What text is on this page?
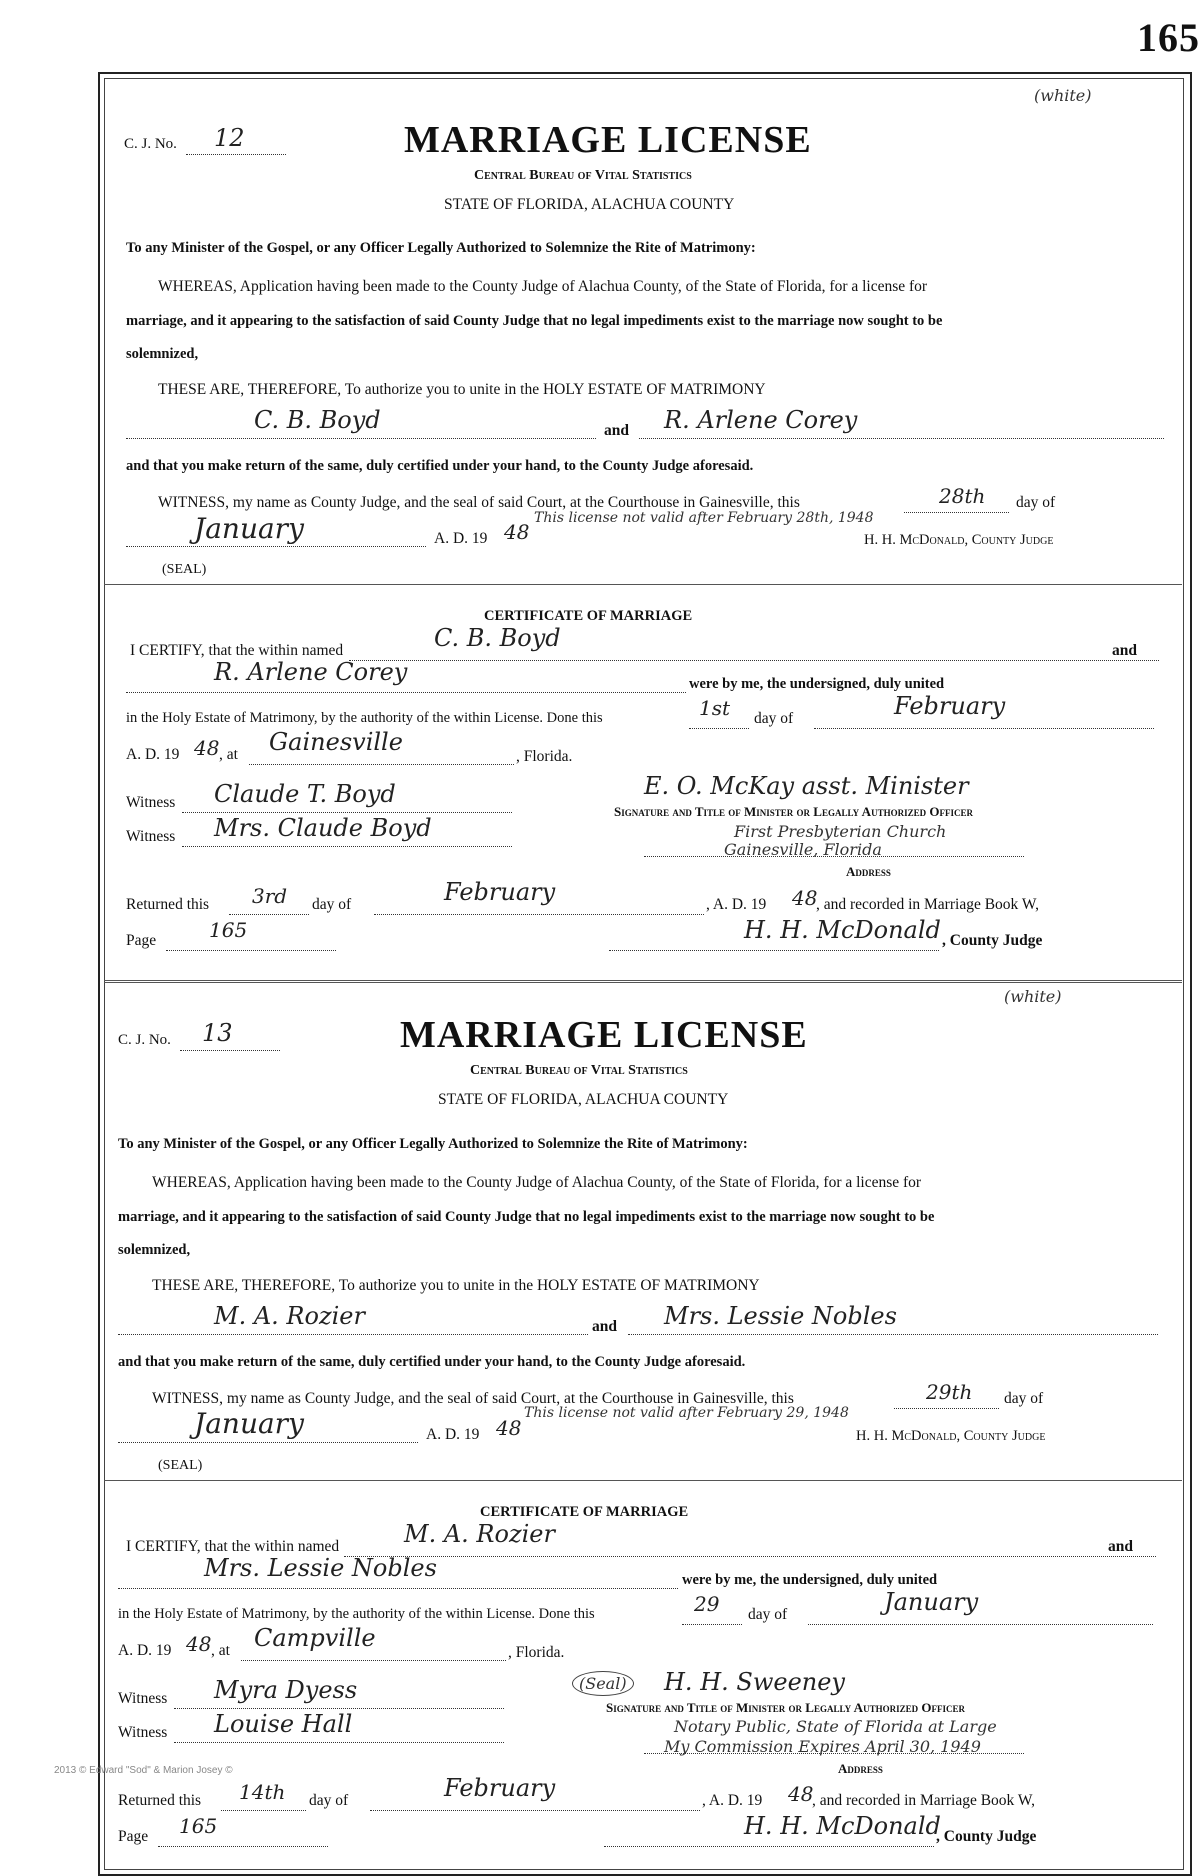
165
(white)
C. J. No. 12	MARRIAGE LICENSE
Central Bureau of Vital Statistics
STATE OF FLORIDA, ALACHUA COUNTY
To any Minister of the Gospel, or any Officer Legally Authorized to Solemnize the Rite of Matrimony:
WHEREAS, Application having been made to the County Judge of Alachua County, of the State of Florida, for a license for
marriage, and it appearing to the satisfaction of said County Judge that no legal impediments exist to the marriage now sought to be
solemnized,
THESE ARE, THEREFORE, To authorize you to unite in the HOLY ESTATE OF MATRIMONY
C. B. Boyd	and R. Arlene Corey
and that you make return of the same, duly certified under your hand, to the County Judge aforesaid.
WITNESS, my name as County Judge, and the seal of said Court, at the Courthouse in Gainesville, this	28th day of
This license not valid after February 28th, 1948
January	A. D. 19 48	H. H. McDonald, County Judge
(SEAL)
CERTIFICATE OF MARRIAGE
I CERTIFY, that the within named	C. B. Boyd	and
R. Arlene Corey	were by me, the undersigned, duly united
in the Holy Estate of Matrimony, by the authority of the within License. Done this	1st day of	February
A. D. 19 48 , at Gainesville
, Florida.
Witness Claude T. Boyd	E. O. McKay asst. Minister
Signature and Title of Minister or Legally Authorized Officer
Witness Mrs. Claude Boyd	First Presbyterian Church
Gainesville, Florida
Address
Returned this 3rd day of	February	, A. D. 19 48
, and recorded in Marriage Book W,
Page	165	H. H. McDonald , County Judge
(white)
C. J. No. 13	MARRIAGE LICENSE
Central Bureau of Vital Statistics
STATE OF FLORIDA, ALACHUA COUNTY
To any Minister of the Gospel, or any Officer Legally Authorized to Solemnize the Rite of Matrimony:
WHEREAS, Application having been made to the County Judge of Alachua County, of the State of Florida, for a license for
marriage, and it appearing to the satisfaction of said County Judge that no legal impediments exist to the marriage now sought to be
solemnized,
THESE ARE, THEREFORE, To authorize you to unite in the HOLY ESTATE OF MATRIMONY
M. A. Rozier	and Mrs. Lessie Nobles
and that you make return of the same, duly certified under your hand, to the County Judge aforesaid.
WITNESS, my name as County Judge, and the seal of said Court, at the Courthouse in Gainesville, this	29th day of
This license not valid after February 29, 1948
January	A. D. 19 48	H. H. McDonald, County Judge
(SEAL)
CERTIFICATE OF MARRIAGE
I CERTIFY, that the within named	M. A. Rozier	and
Mrs. Lessie Nobles	were by me, the undersigned, duly united
in the Holy Estate of Matrimony, by the authority of the within License. Done this	29 day of	January
A. D. 19 48 , at Campville
, Florida.
(Seal)
Witness Myra Dyess	H. H. Sweeney
Signature and Title of Minister or Legally Authorized Officer
Witness Louise Hall	Notary Public, State of Florida at Large
My Commission Expires April 30, 1949
Address
Returned this 14th day of	February	, A. D. 19 48
, and recorded in Marriage Book W,
Page 165	H. H. McDonald
, County Judge
2013 © Edward "Sod" & Marion Josey ©
